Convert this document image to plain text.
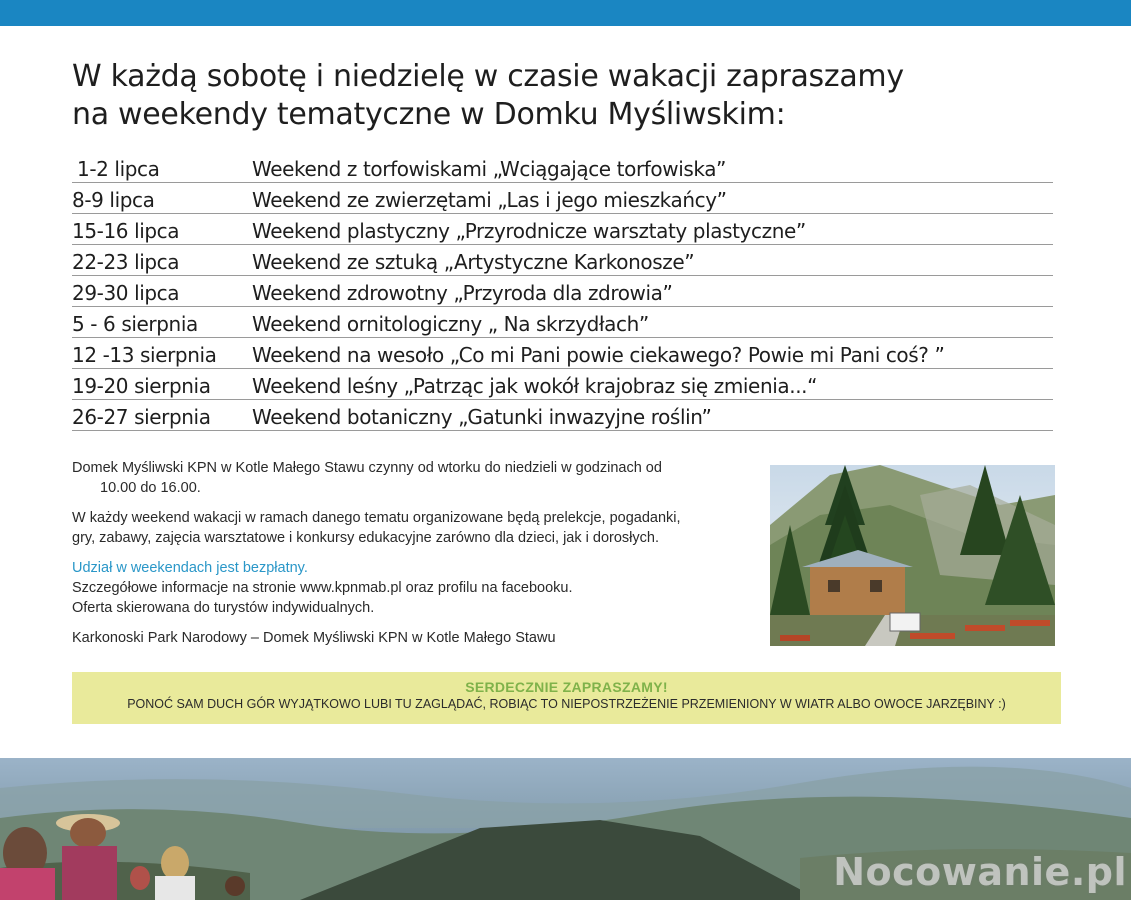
W każdą sobotę i niedzielę w czasie wakacji zapraszamy
na weekendy tematyczne w Domku Myśliwskim:
1-2 lipca	Weekend z torfowiskami „Wciągające torfowiska”
8-9 lipca	Weekend ze zwierzętami „Las i jego mieszkańcy”
15-16 lipca	Weekend plastyczny „Przyrodnicze warsztaty plastyczne”
22-23 lipca	Weekend ze sztuką „Artystyczne Karkonosze”
29-30 lipca	Weekend zdrowotny „Przyroda dla zdrowia”
5 - 6 sierpnia	Weekend ornitologiczny „ Na skrzydłach”
12 -13 sierpnia	Weekend na wesoło „Co mi Pani powie ciekawego? Powie mi Pani coś? ”
19-20 sierpnia	Weekend leśny „Patrząc jak wokół krajobraz się zmienia...“
26-27 sierpnia	Weekend botaniczny „Gatunki inwazyjne roślin”

Domek Myśliwski KPN w Kotle Małego Stawu czynny od wtorku do niedzieli w godzinach od
10.00 do 16.00.

W każdy weekend wakacji w ramach danego tematu organizowane będą prelekcje, pogadanki,
gry, zabawy, zajęcia warsztatowe i konkursy edukacyjne zarówno dla dzieci, jak i dorosłych.

Udział w weekendach jest bezpłatny.
Szczegółowe informacje na stronie www.kpnmab.pl oraz profilu na facebooku.
Oferta skierowana do turystów indywidualnych.

Karkonoski Park Narodowy – Domek Myśliwski KPN w Kotle Małego Stawu

SERDECZNIE ZAPRASZAMY!
PONOĆ SAM DUCH GÓR WYJĄTKOWO LUBI TU ZAGLĄDAĆ, ROBIĄC TO NIEPOSTRZEŻENIE PRZEMIENIONY W WIATR ALBO OWOCE JARZĘBINY :)
Nocowanie.pl
